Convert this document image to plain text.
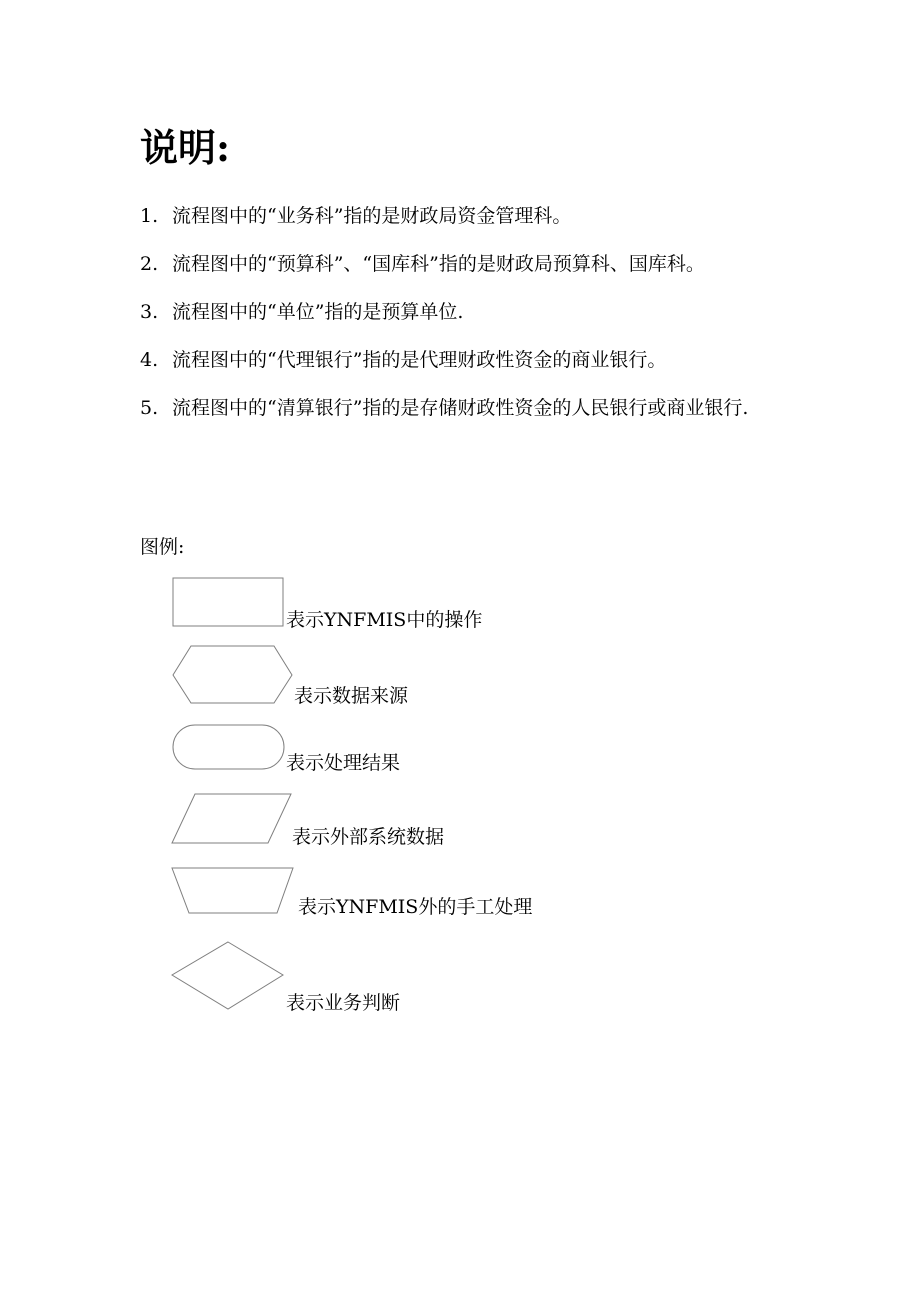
说明:
1. 流程图中的“业务科”指的是财政局资金管理科。
2. 流程图中的“预算科”、“国库科”指的是财政局预算科、国库科。
3. 流程图中的“单位”指的是预算单位.
4. 流程图中的“代理银行”指的是代理财政性资金的商业银行。
5. 流程图中的“清算银行”指的是存储财政性资金的人民银行或商业银行.
图例:
表示YNFMIS中的操作
表示数据来源
表示处理结果
表示外部系统数据
表示YNFMIS外的手工处理
表示业务判断
